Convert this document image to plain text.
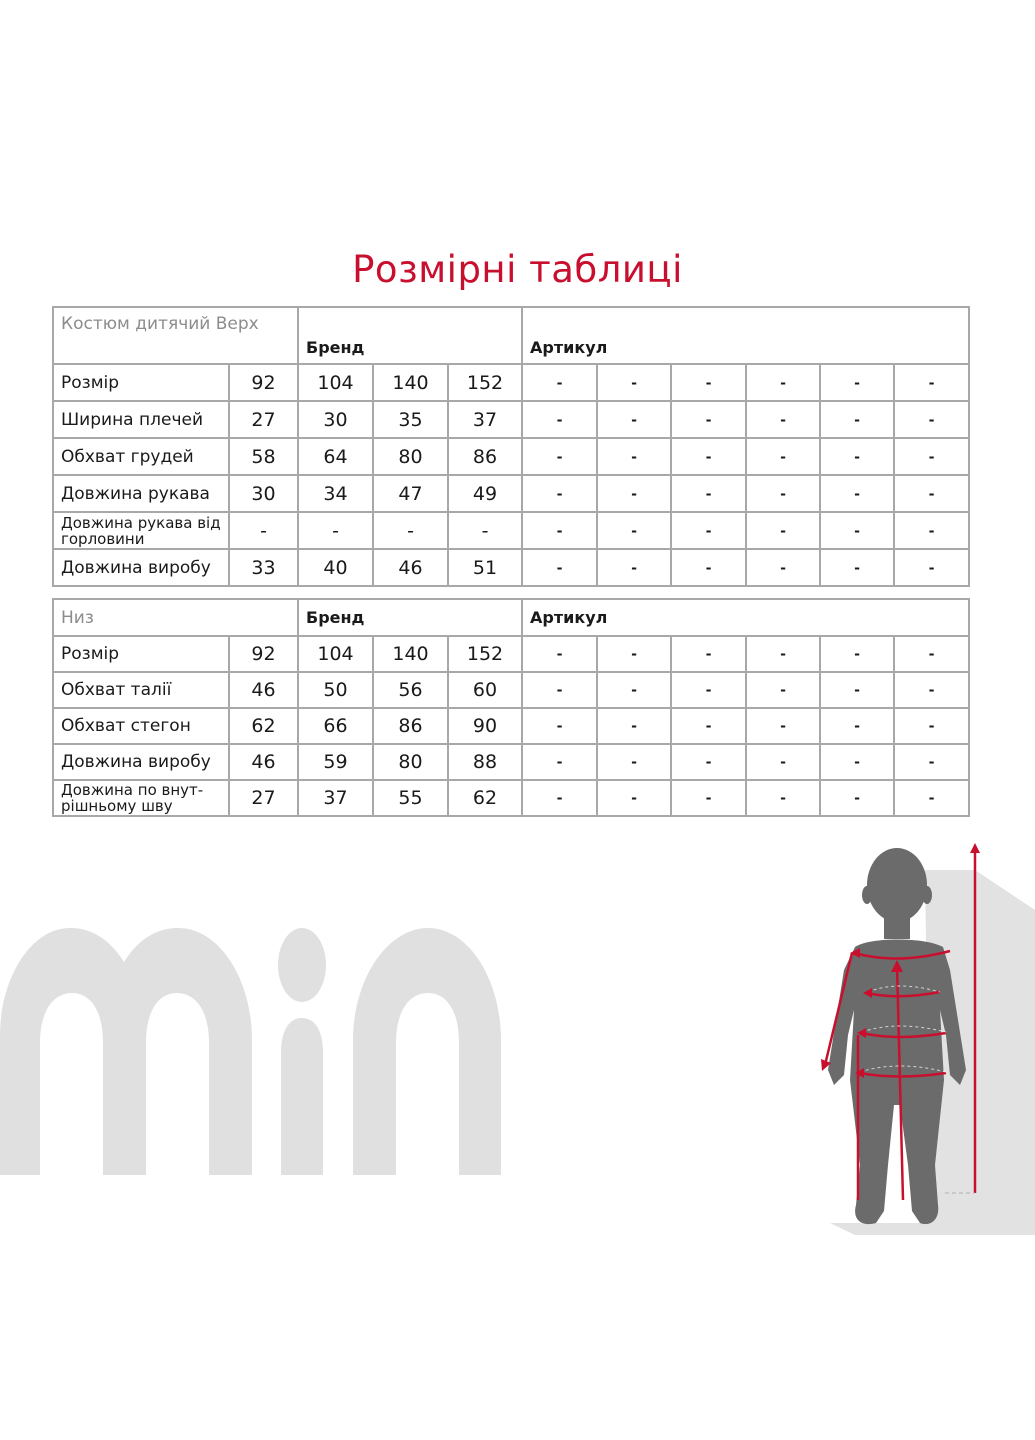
Розмірні таблиці
Костюм дитячий Верх		Бренд			Артикул					
Розмір	92	104	140	152	-	-	-	-	-	-
Ширина плечей	27	30	35	37	-	-	-	-	-	-
Обхват грудей	58	64	80	86	-	-	-	-	-	-
Довжина рукава	30	34	47	49	-	-	-	-	-	-
Довжина рукава від горловини	-	-	-	-	-	-	-	-	-	-
Довжина виробу	33	40	46	51	-	-	-	-	-	-
Низ		Бренд			Артикул					
Розмір	92	104	140	152	-	-	-	-	-	-
Обхват талії	46	50	56	60	-	-	-	-	-	-
Обхват стегон	62	66	86	90	-	-	-	-	-	-
Довжина виробу	46	59	80	88	-	-	-	-	-	-
Довжина по внут-рішньому шву	27	37	55	62	-	-	-	-	-	-
